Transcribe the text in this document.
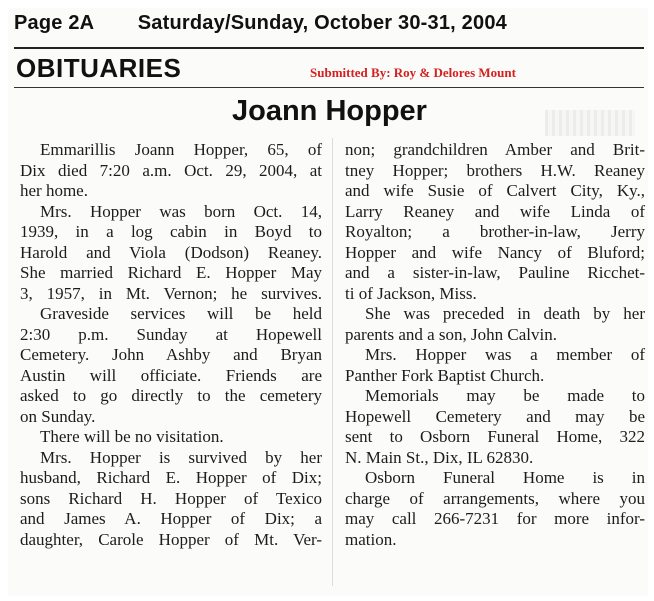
Page 2A Saturday/Sunday, October 30-31, 2004
OBITUARIES	Submitted By: Roy & Delores Mount
Joann Hopper
Emmarillis Joann Hopper, 65, of
Dix died 7:20 a.m. Oct. 29, 2004, at
her home.
Mrs. Hopper was born Oct. 14,
1939, in a log cabin in Boyd to
Harold and Viola (Dodson) Reaney.
She married Richard E. Hopper May
3, 1957, in Mt. Vernon; he survives.
Graveside services will be held
2:30 p.m. Sunday at Hopewell
Cemetery. John Ashby and Bryan
Austin will officiate. Friends are
asked to go directly to the cemetery
on Sunday.
There will be no visitation.
Mrs. Hopper is survived by her
husband, Richard E. Hopper of Dix;
sons Richard H. Hopper of Texico
and James A. Hopper of Dix; a
daughter, Carole Hopper of Mt. Ver-
non; grandchildren Amber and Brit-
tney Hopper; brothers H.W. Reaney
and wife Susie of Calvert City, Ky.,
Larry Reaney and wife Linda of
Royalton; a brother-in-law, Jerry
Hopper and wife Nancy of Bluford;
and a sister-in-law, Pauline Ricchet-
ti of Jackson, Miss.
She was preceded in death by her
parents and a son, John Calvin.
Mrs. Hopper was a member of
Panther Fork Baptist Church.
Memorials may be made to
Hopewell Cemetery and may be
sent to Osborn Funeral Home, 322
N. Main St., Dix, IL 62830.
Osborn Funeral Home is in
charge of arrangements, where you
may call 266-7231 for more infor-
mation.
